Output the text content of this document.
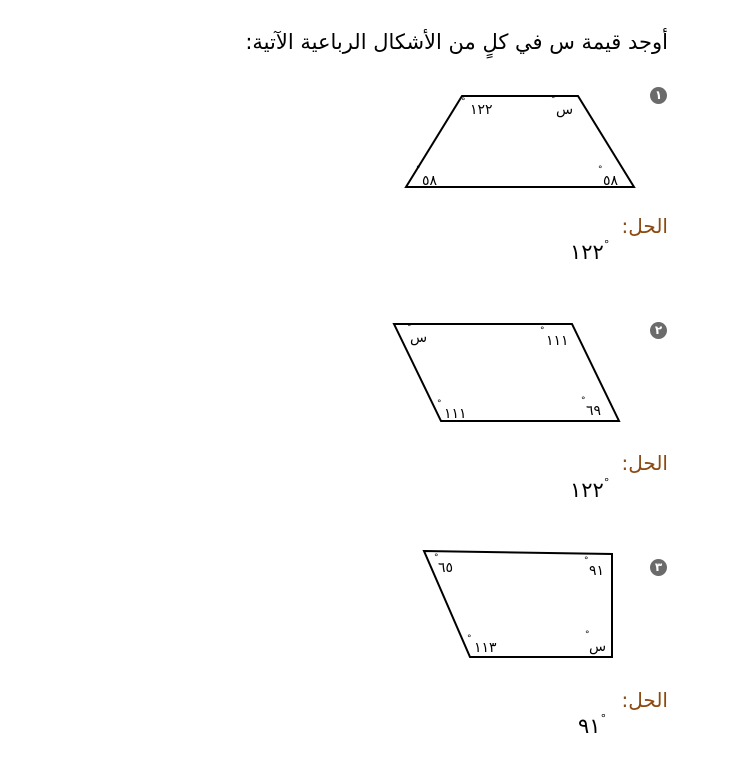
أوجد قيمة س في كلٍ من الأشكال الرباعية الآتية:
١
° ١٢٢
°
س
°
٥٨
°
٥٨
الحل:
°١٢٢
٢
°
س	°
١١١
°
١١١
°
٦٩
الحل:
°١٢٢
٣
°
٦٥	°
٩١
°
١١٣
°
س
الحل:
°٩١
